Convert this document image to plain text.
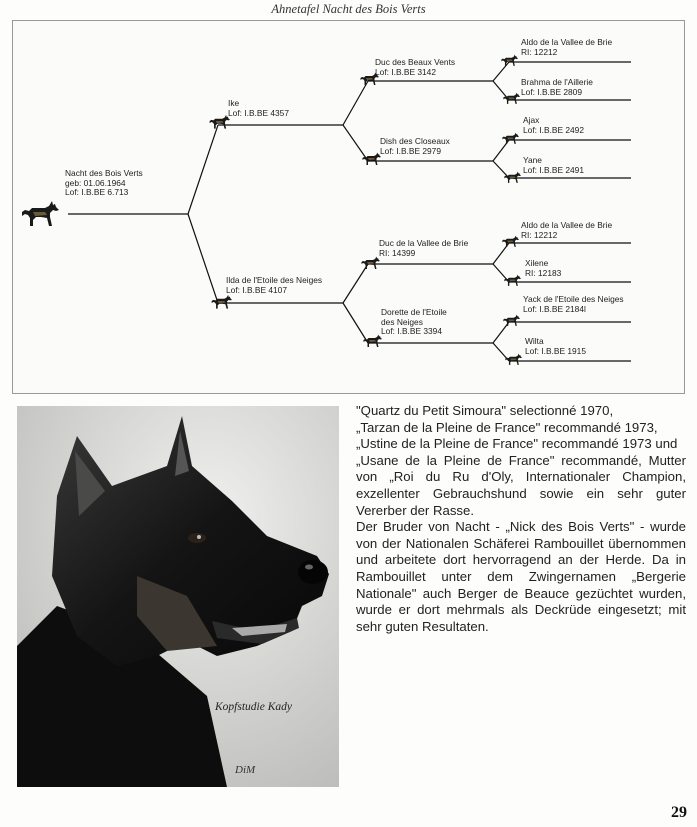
Ahnetafel Nacht des Bois Verts
Nacht des Bois Verts
geb: 01.06.1964
Lof: I.B.BE 6.713
Ike
Lof: I.B.BE 4357
Ilda de l'Etoile des Neiges
Lof: I.B.BE 4107
Duc des Beaux Vents
Lof: I.B.BE 3142
Dish des Closeaux
Lof: I.B.BE 2979
Duc de la Vallee de Brie
RI: 14399
Dorette de l'Etoile
des Neiges
Lof: I.B.BE 3394
Aldo de la Vallee de Brie
RI: 12212
Brahma de l'Aillerie
Lof: I.B.BE 2809
Ajax
Lof: I.B.BE 2492
Yane
Lof: I.B.BE 2491
Aldo de la Vallee de Brie
RI: 12212
Xilene
RI: 12183
Yack de l'Etoile des Neiges
Lof: I.B.BE 2184l
Wilta
Lof: I.B.BE 1915
DiM
Kopfstudie Kady

"Quartz du Petit Simoura" selectionné 1970,

„Tarzan de la Pleine de France" recommandé 1973,

„Ustine de la Pleine de France" recommandé 1973 und

„Usane de la Pleine de France" recommandé, Mutter von „Roi du Ru d'Oly, Internationaler Champion, exzellenter Gebrauchshund sowie ein sehr guter Vererber der Rasse.

Der Bruder von Nacht - „Nick des Bois Verts" - wurde von der Nationalen Schäferei Rambouillet übernommen und arbeitete dort hervorragend an der Herde. Da in Rambouillet unter dem Zwingernamen „Bergerie Nationale" auch Berger de Beauce gezüchtet wurden, wurde er dort mehrmals als Deckrüde eingesetzt; mit sehr guten Resultaten.

29
